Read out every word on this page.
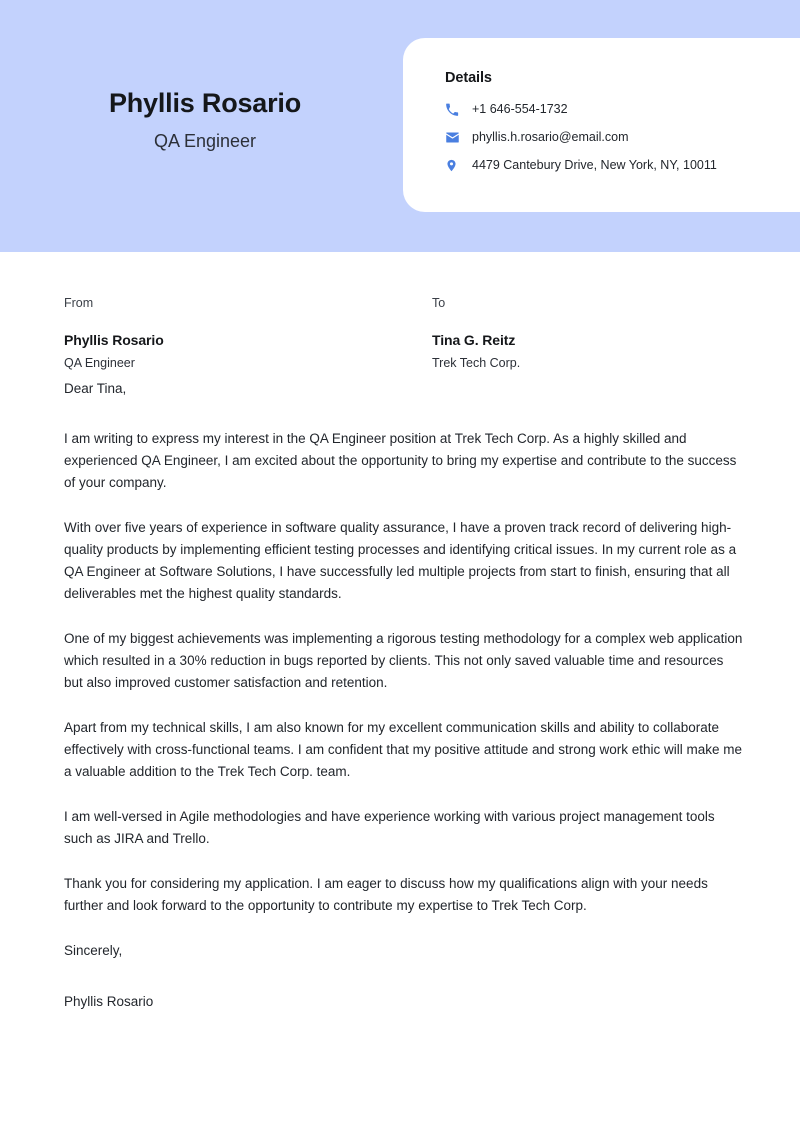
Phyllis Rosario
QA Engineer
Details
+1 646-554-1732
phyllis.h.rosario@email.com
4479 Cantebury Drive, New York, NY, 10011
From
Phyllis Rosario
QA Engineer
To
Tina G. Reitz
Trek Tech Corp.
Dear Tina,

I am writing to express my interest in the QA Engineer position at Trek Tech Corp. As a highly skilled and experienced QA Engineer, I am excited about the opportunity to bring my expertise and contribute to the success of your company.

With over five years of experience in software quality assurance, I have a proven track record of delivering high-quality products by implementing efficient testing processes and identifying critical issues. In my current role as a QA Engineer at Software Solutions, I have successfully led multiple projects from start to finish, ensuring that all deliverables met the highest quality standards.

One of my biggest achievements was implementing a rigorous testing methodology for a complex web application which resulted in a 30% reduction in bugs reported by clients. This not only saved valuable time and resources but also improved customer satisfaction and retention.

Apart from my technical skills, I am also known for my excellent communication skills and ability to collaborate effectively with cross-functional teams. I am confident that my positive attitude and strong work ethic will make me a valuable addition to the Trek Tech Corp. team.

I am well-versed in Agile methodologies and have experience working with various project management tools such as JIRA and Trello.

Thank you for considering my application. I am eager to discuss how my qualifications align with your needs further and look forward to the opportunity to contribute my expertise to Trek Tech Corp.

Sincerely,
Phyllis Rosario
